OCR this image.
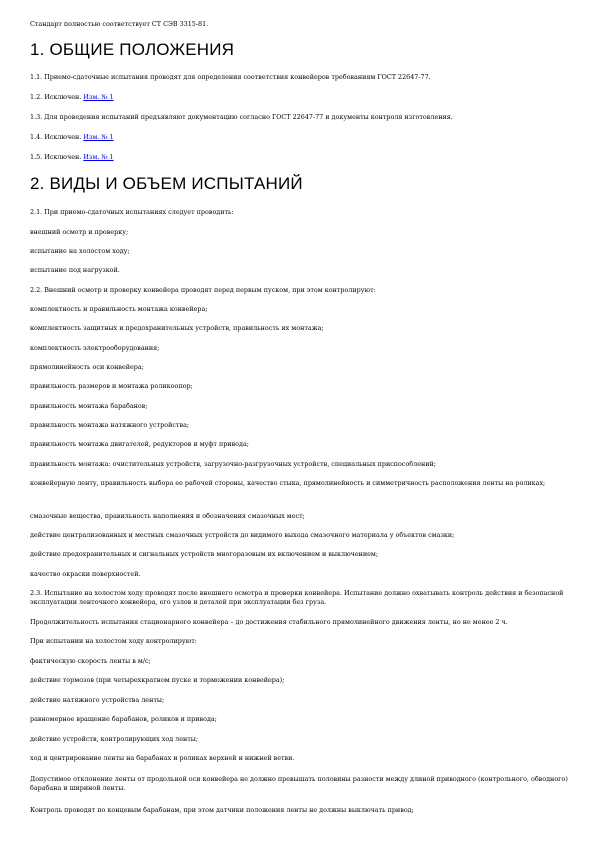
Стандарт полностью соответствует СТ СЭВ 3315-81.

1. ОБЩИЕ ПОЛОЖЕНИЯ

1.1. Приемо-сдаточные испытания проводят для определения соответствия конвейеров требованиям ГОСТ 22647-77.

1.2. Исключен. Изм. № 1

1.3. Для проведения испытаний предъявляют документацию согласно ГОСТ 22647-77 и документы контроля изготовления.

1.4. Исключен. Изм. № 1

1.5. Исключен. Изм. № 1

2. ВИДЫ И ОБЪЕМ ИСПЫТАНИЙ

2.1. При приемо-сдаточных испытаниях следует проводить:

внешний осмотр и проверку;

испытание на холостом ходу;

испытание под нагрузкой.

2.2. Внешний осмотр и проверку конвейера проводят перед первым пуском, при этом контролируют:

комплектность и правильность монтажа конвейера;

комплектность защитных и предохранительных устройств, правильность их монтажа;

комплектность электрооборудования;

прямолинейность оси конвейера;

правильность размеров и монтажа роликоопор;

правильность монтажа барабанов;

правильность монтажа натяжного устройства;

правильность монтажа двигателей, редукторов и муфт привода;

правильность монтажа: очистительных устройств, загрузочно-разгрузочных устройств, специальных приспособлений;

конвейерную ленту, правильность выбора ее рабочей стороны, качество стыка, прямолинейность и симметричность расположения ленты на роликах;

смазочные вещества, правильность наполнения и обозначения смазочных мест;

действие централизованных и местных смазочных устройств до видимого выхода смазочного материала у объектов смазки;

действие предохранительных и сигнальных устройств многоразовым их включением и выключением;

качество окраски поверхностей.

2.3. Испытание на холостом ходу проводят после внешнего осмотра и проверки конвейера. Испытание должно охватывать контроль действия и безопасной эксплуатации ленточного конвейера, его узлов и деталей при эксплуатации без груза.

Продолжительность испытания стационарного конвейера – до достижения стабильного прямолинейного движения ленты, но не менее 2 ч.

При испытании на холостом ходу контролируют:

фактическую скорость ленты в м/с;

действие тормозов (при четырехкратном пуске и торможении конвейера);

действие натяжного устройства ленты;

равномерное вращение барабанов, роликов и привода;

действие устройств, контролирующих ход ленты;

ход и центрирование ленты на барабанах и роликах верхней и нижней ветви.

Допустимое отклонение ленты от продольной оси конвейера не должно превышать половины разности между длиной приводного (контрольного, обводного) барабана и шириной ленты.

Контроль проводят по концевым барабанам, при этом датчики положения ленты не должны выключать привод;
